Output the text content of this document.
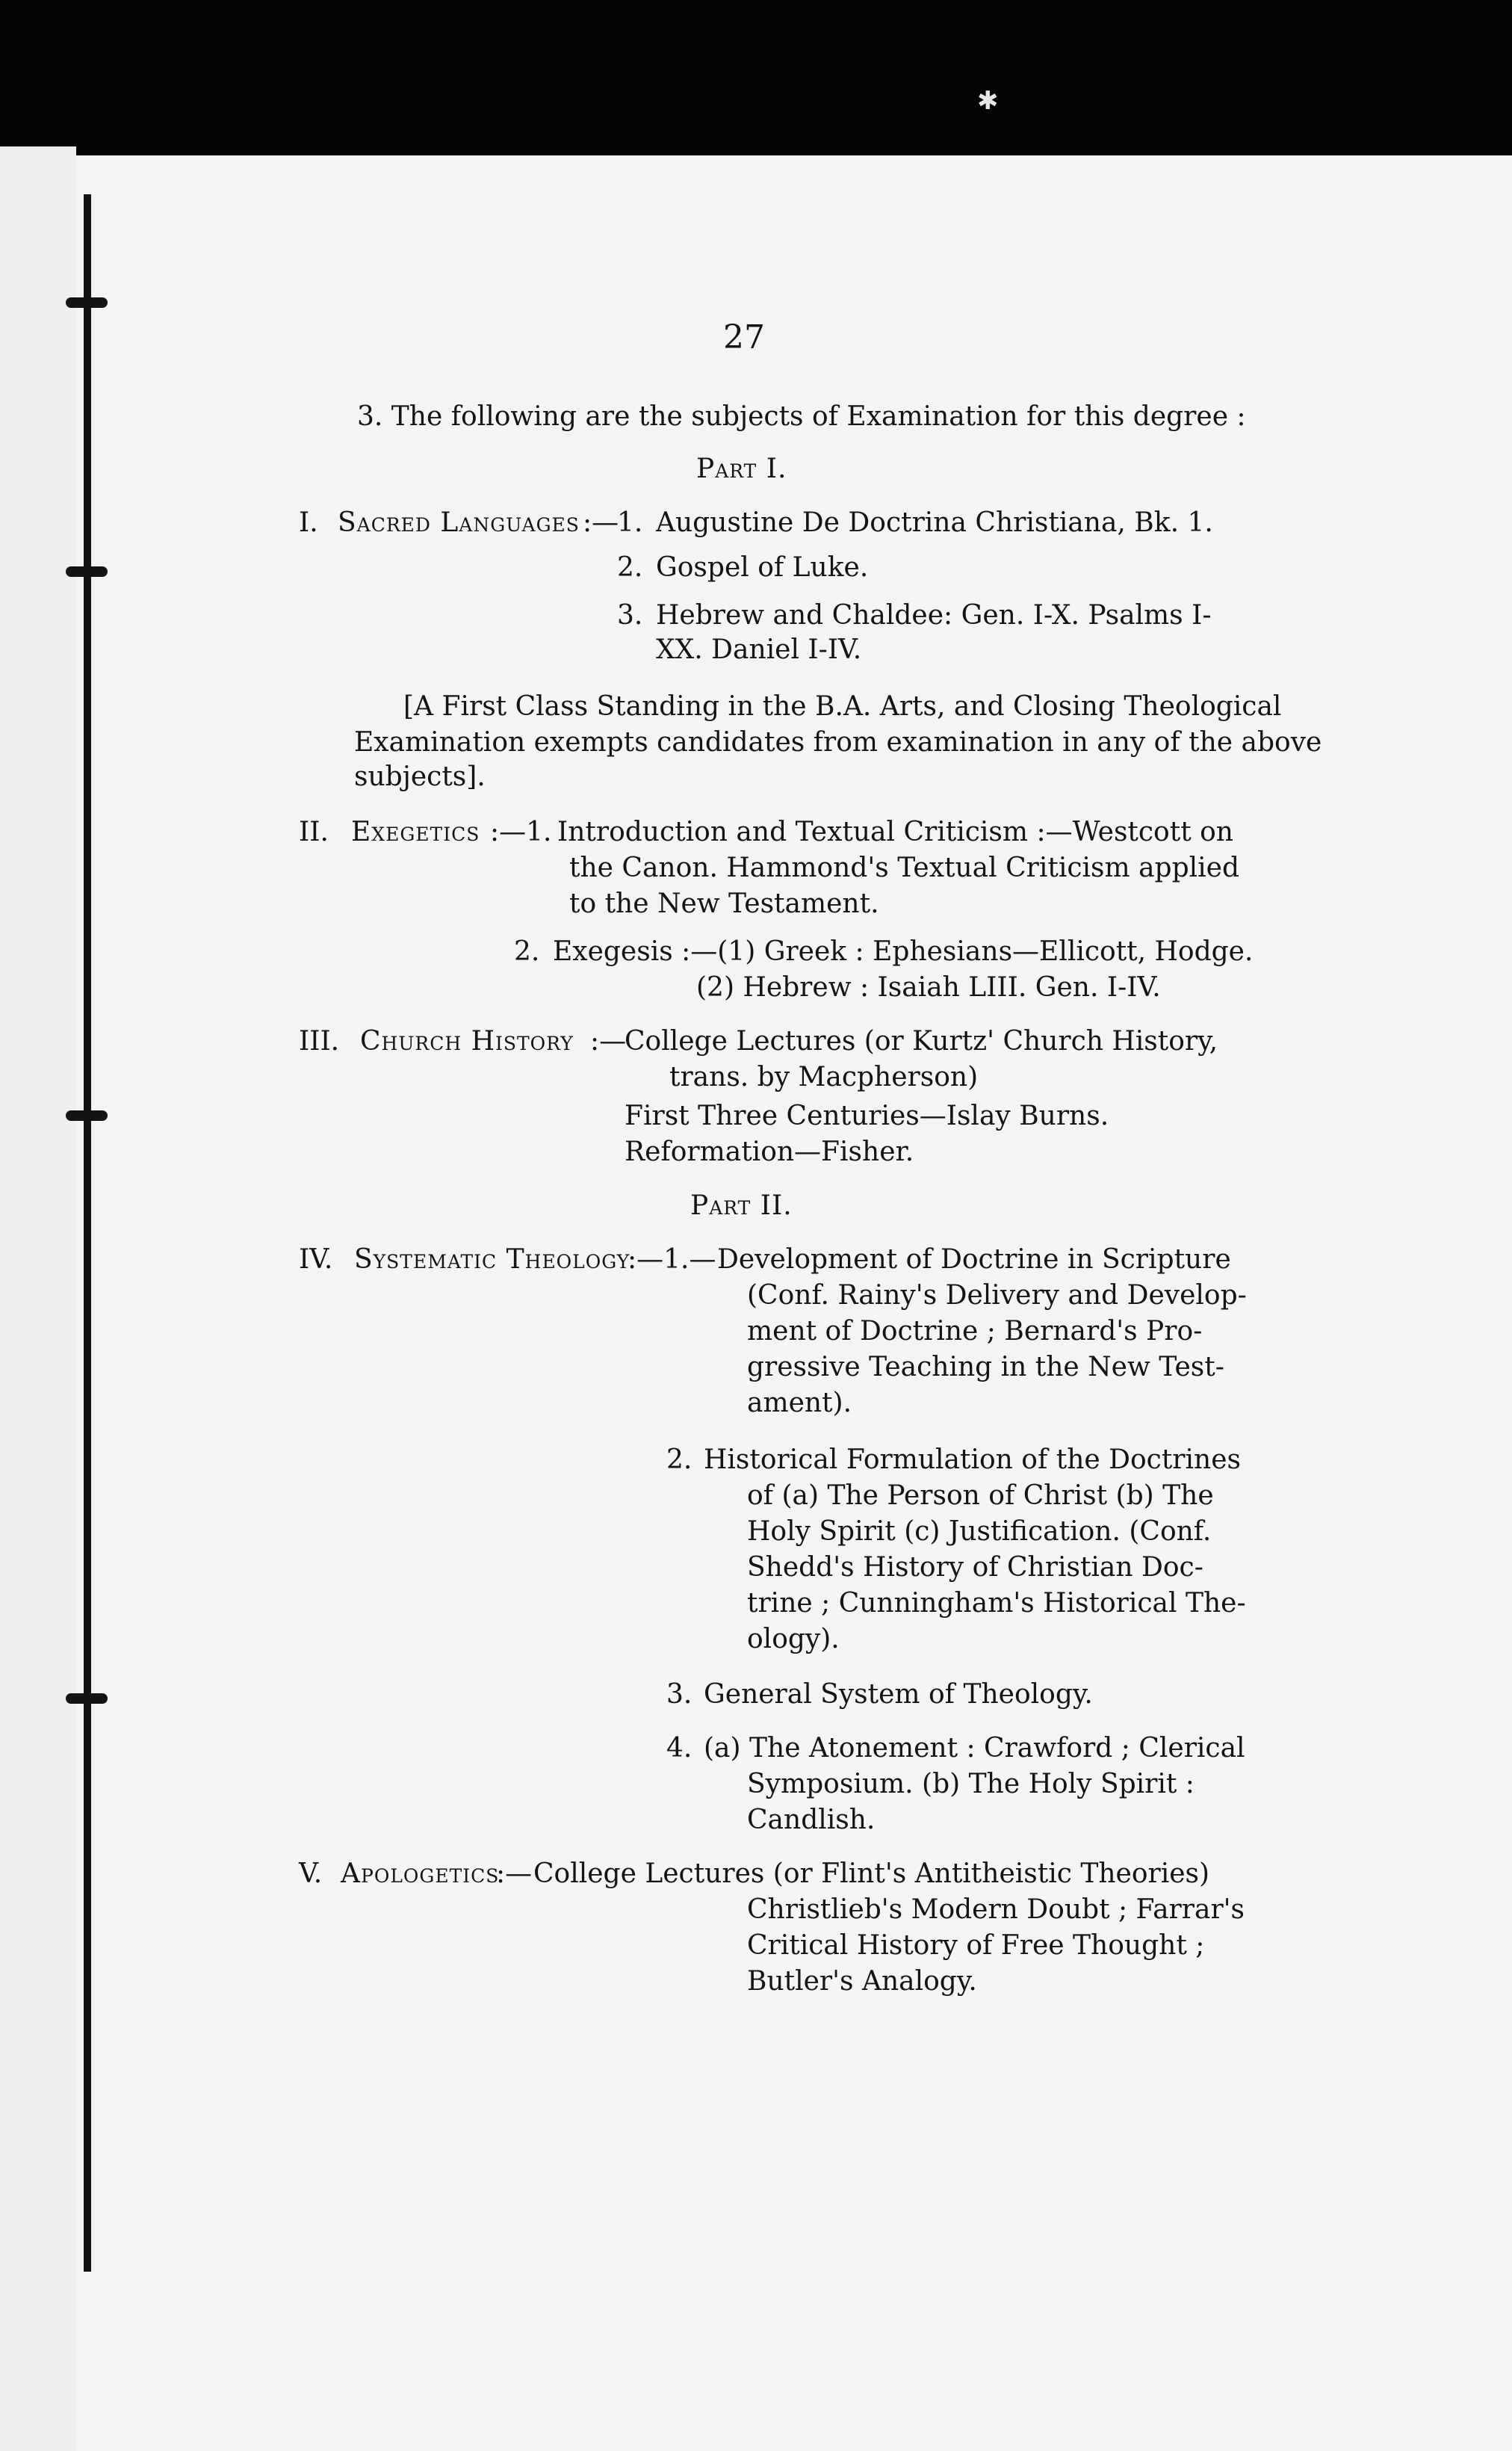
✱
27
3. The following are the subjects of Examination for this degree :
Part I.
I. Sacred Languages :—
1. Augustine De Doctrina Christiana, Bk. 1.
2. Gospel of Luke.
3. Hebrew and Chaldee: Gen. I-X. Psalms I-
XX. Daniel I-IV.
[A First Class Standing in the B.A. Arts, and Closing Theological
Examination exempts candidates from examination in any of the above
subjects].
II. Exegetics :—1. Introduction and Textual Criticism :—Westcott on
the Canon. Hammond's Textual Criticism applied
to the New Testament.
2. Exegesis :—(1) Greek : Ephesians—Ellicott, Hodge.
(2) Hebrew : Isaiah LIII. Gen. I-IV.
III. Church History :—
College Lectures (or Kurtz' Church History,
trans. by Macpherson)
First Three Centuries—Islay Burns.
Reformation—Fisher.
Part II.
IV. Systematic Theology
:—1.— Development of Doctrine in Scripture
(Conf. Rainy's Delivery and Develop-
ment of Doctrine ; Bernard's Pro-
gressive Teaching in the New Test-
ament).
2. Historical Formulation of the Doctrines
of (a) The Person of Christ (b) The
Holy Spirit (c) Justification. (Conf.
Shedd's History of Christian Doc-
trine ; Cunningham's Historical The-
ology).
3. General System of Theology.
4. (a) The Atonement : Crawford ; Clerical
Symposium. (b) The Holy Spirit :
Candlish.
V. Apologetics
:— College Lectures (or Flint's Antitheistic Theories)
Christlieb's Modern Doubt ; Farrar's
Critical History of Free Thought ;
Butler's Analogy.
